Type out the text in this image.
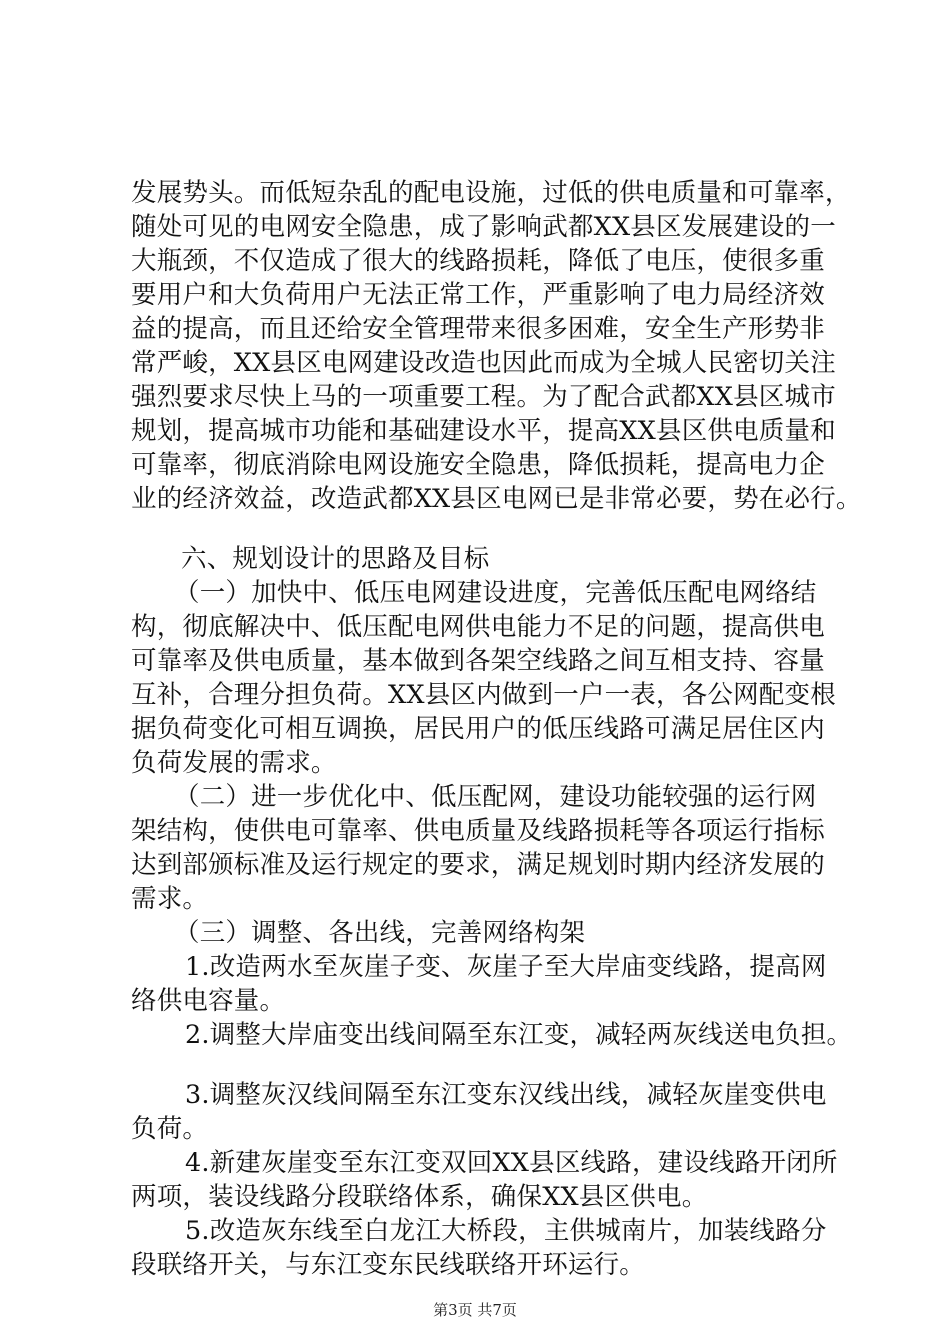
发展势头。而低短杂乱的配电设施，过低的供电质量和可靠率，
随处可见的电网安全隐患，成了影响武都XX县区发展建设的一
大瓶颈，不仅造成了很大的线路损耗，降低了电压，使很多重
要用户和大负荷用户无法正常工作，严重影响了电力局经济效
益的提高，而且还给安全管理带来很多困难，安全生产形势非
常严峻，XX县区电网建设改造也因此而成为全城人民密切关注
强烈要求尽快上马的一项重要工程。为了配合武都XX县区城市
规划，提高城市功能和基础建设水平，提高XX县区供电质量和
可靠率，彻底消除电网设施安全隐患，降低损耗，提高电力企
业的经济效益，改造武都XX县区电网已是非常必要，势在必行。
六、规划设计的思路及目标
（一）加快中、低压电网建设进度，完善低压配电网络结
构，彻底解决中、低压配电网供电能力不足的问题，提高供电
可靠率及供电质量，基本做到各架空线路之间互相支持、容量
互补，合理分担负荷。XX县区内做到一户一表，各公网配变根
据负荷变化可相互调换，居民用户的低压线路可满足居住区内
负荷发展的需求。
（二）进一步优化中、低压配网，建设功能较强的运行网
架结构，使供电可靠率、供电质量及线路损耗等各项运行指标
达到部颁标准及运行规定的要求，满足规划时期内经济发展的
需求。
（三）调整、各出线，完善网络构架
1.改造两水至灰崖子变、灰崖子至大岸庙变线路，提高网
络供电容量。
2.调整大岸庙变出线间隔至东江变，减轻两灰线送电负担。
3.调整灰汉线间隔至东江变东汉线出线，减轻灰崖变供电
负荷。
4.新建灰崖变至东江变双回XX县区线路，建设线路开闭所
两项，装设线路分段联络体系，确保XX县区供电。
5.改造灰东线至白龙江大桥段，主供城南片，加装线路分
段联络开关，与东江变东民线联络开环运行。
第3页 共7页
